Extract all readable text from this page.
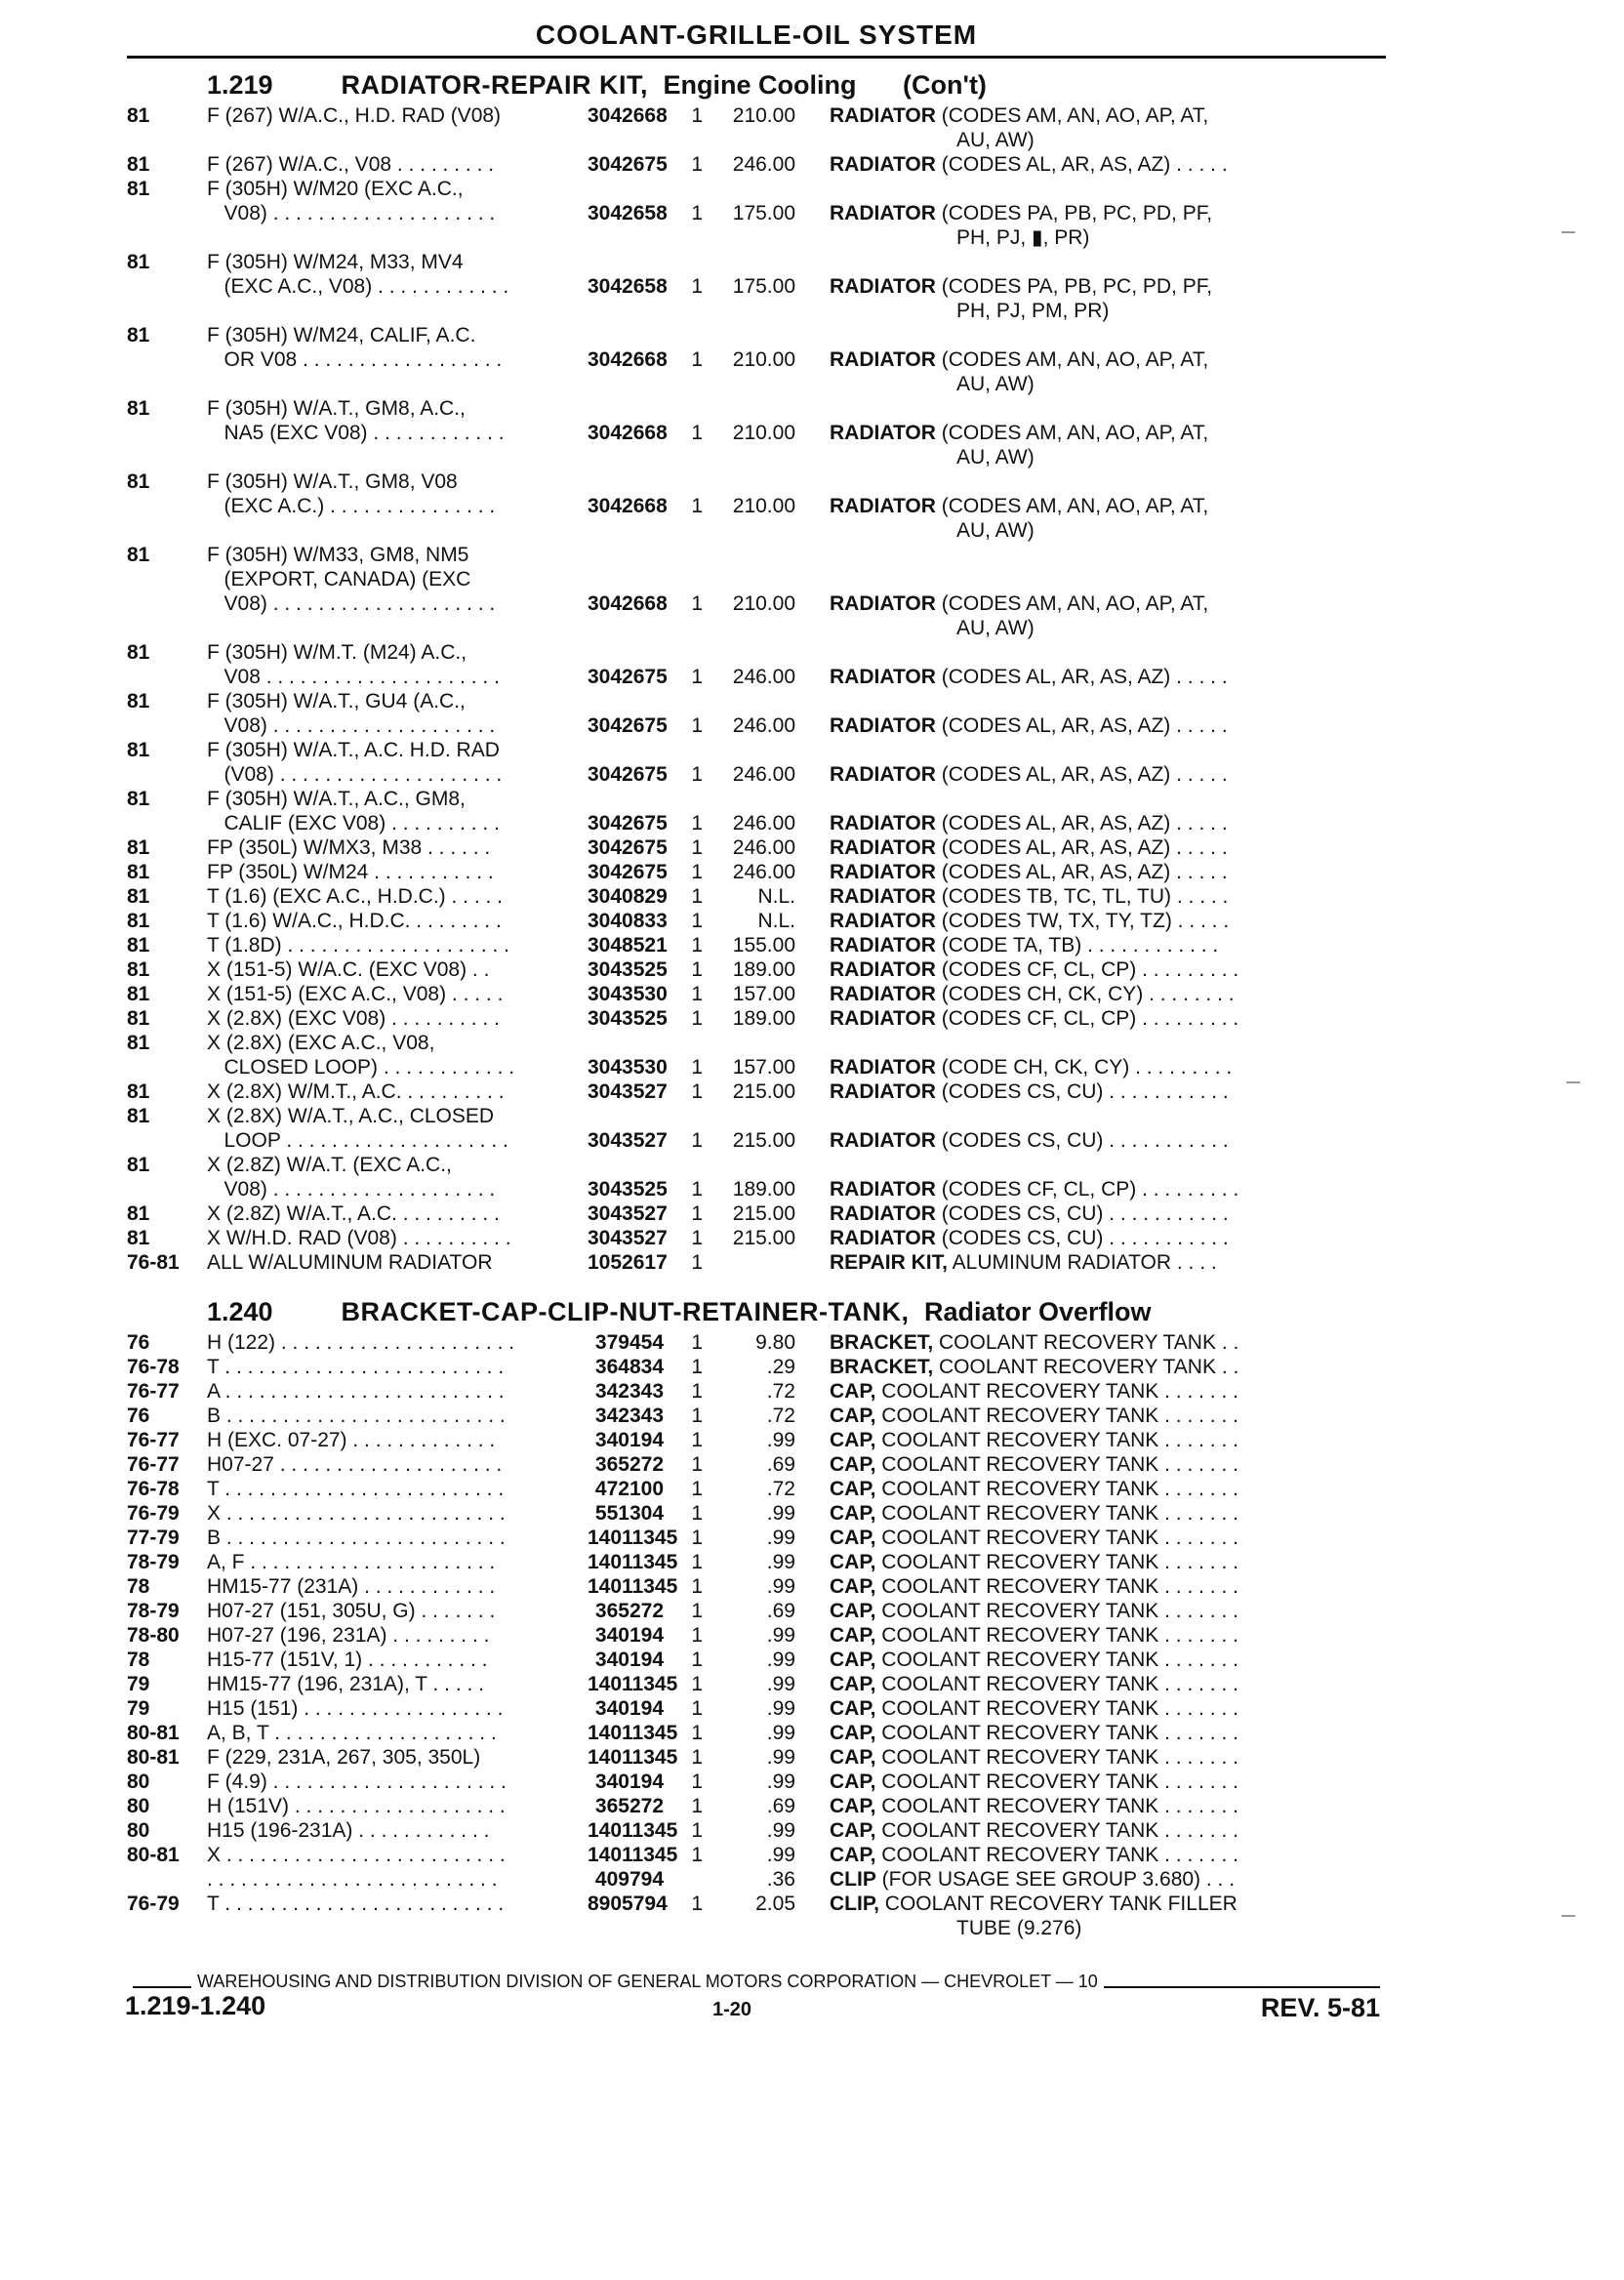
COOLANT-GRILLE-OIL SYSTEM
1.219	RADIATOR-REPAIR KIT, Engine Cooling (Con't)
81	F (267) W/A.C., H.D. RAD (V08)	3042668	1	210.00 RADIATOR (CODES AM, AN, AO, AP, AT,
AU, AW)
81	F (267) W/A.C., V08 . . . . . . . . .	3042675	1	246.00 RADIATOR (CODES AL, AR, AS, AZ) . . . . .
81	F (305H) W/M20 (EXC A.C.,
V08) . . . . . . . . . . . . . . . . . . . .	3042658	1	175.00 RADIATOR (CODES PA, PB, PC, PD, PF,
PH, PJ, ▮, PR)
81	F (305H) W/M24, M33, MV4
(EXC A.C., V08) . . . . . . . . . . . .	3042658	1	175.00 RADIATOR (CODES PA, PB, PC, PD, PF,
PH, PJ, PM, PR)
81	F (305H) W/M24, CALIF, A.C.
OR V08 . . . . . . . . . . . . . . . . . .	3042668	1	210.00 RADIATOR (CODES AM, AN, AO, AP, AT,
AU, AW)
81	F (305H) W/A.T., GM8, A.C.,
NA5 (EXC V08) . . . . . . . . . . . .	3042668	1	210.00 RADIATOR (CODES AM, AN, AO, AP, AT,
AU, AW)
81	F (305H) W/A.T., GM8, V08
(EXC A.C.) . . . . . . . . . . . . . . .	3042668	1	210.00 RADIATOR (CODES AM, AN, AO, AP, AT,
AU, AW)
81	F (305H) W/M33, GM8, NM5
(EXPORT, CANADA) (EXC
V08) . . . . . . . . . . . . . . . . . . . .	3042668	1	210.00 RADIATOR (CODES AM, AN, AO, AP, AT,
AU, AW)
81	F (305H) W/M.T. (M24) A.C.,
V08 . . . . . . . . . . . . . . . . . . . . .	3042675	1	246.00 RADIATOR (CODES AL, AR, AS, AZ) . . . . .
81	F (305H) W/A.T., GU4 (A.C.,
V08) . . . . . . . . . . . . . . . . . . . .	3042675	1	246.00 RADIATOR (CODES AL, AR, AS, AZ) . . . . .
81	F (305H) W/A.T., A.C. H.D. RAD
(V08) . . . . . . . . . . . . . . . . . . . .	3042675	1	246.00 RADIATOR (CODES AL, AR, AS, AZ) . . . . .
81	F (305H) W/A.T., A.C., GM8,
CALIF (EXC V08) . . . . . . . . . .	3042675	1	246.00 RADIATOR (CODES AL, AR, AS, AZ) . . . . .
81	FP (350L) W/MX3, M38 . . . . . .	3042675	1	246.00 RADIATOR (CODES AL, AR, AS, AZ) . . . . .
81	FP (350L) W/M24 . . . . . . . . . . .	3042675	1	246.00 RADIATOR (CODES AL, AR, AS, AZ) . . . . .
81	T (1.6) (EXC A.C., H.D.C.) . . . . .	3040829	1	N.L. RADIATOR (CODES TB, TC, TL, TU) . . . . .
81	T (1.6) W/A.C., H.D.C. . . . . . . . .	3040833	1	N.L. RADIATOR (CODES TW, TX, TY, TZ) . . . . .
81	T (1.8D) . . . . . . . . . . . . . . . . . . . .	3048521	1	155.00 RADIATOR (CODE TA, TB) . . . . . . . . . . . .
81	X (151-5) W/A.C. (EXC V08) . .	3043525	1	189.00 RADIATOR (CODES CF, CL, CP) . . . . . . . . .
81	X (151-5) (EXC A.C., V08) . . . . .	3043530	1	157.00 RADIATOR (CODES CH, CK, CY) . . . . . . . .
81	X (2.8X) (EXC V08) . . . . . . . . . .	3043525	1	189.00 RADIATOR (CODES CF, CL, CP) . . . . . . . . .
81	X (2.8X) (EXC A.C., V08,
CLOSED LOOP) . . . . . . . . . . . .	3043530	1	157.00 RADIATOR (CODE CH, CK, CY) . . . . . . . . .
81	X (2.8X) W/M.T., A.C. . . . . . . . . .	3043527	1	215.00 RADIATOR (CODES CS, CU) . . . . . . . . . . .
81	X (2.8X) W/A.T., A.C., CLOSED
LOOP . . . . . . . . . . . . . . . . . . . .	3043527	1	215.00 RADIATOR (CODES CS, CU) . . . . . . . . . . .
81	X (2.8Z) W/A.T. (EXC A.C.,
V08) . . . . . . . . . . . . . . . . . . . .	3043525	1	189.00 RADIATOR (CODES CF, CL, CP) . . . . . . . . .
81	X (2.8Z) W/A.T., A.C. . . . . . . . . .	3043527	1	215.00 RADIATOR (CODES CS, CU) . . . . . . . . . . .
81	X W/H.D. RAD (V08) . . . . . . . . . .	3043527	1	215.00 RADIATOR (CODES CS, CU) . . . . . . . . . . .
76-81	ALL W/ALUMINUM RADIATOR	1052617	1	REPAIR KIT, ALUMINUM RADIATOR . . . .
1.240	BRACKET-CAP-CLIP-NUT-RETAINER-TANK, Radiator Overflow
76	H (122) . . . . . . . . . . . . . . . . . . . . .	379454	1	9.80 BRACKET, COOLANT RECOVERY TANK . .
76-78	T . . . . . . . . . . . . . . . . . . . . . . . . .	364834	1	.29 BRACKET, COOLANT RECOVERY TANK . .
76-77	A . . . . . . . . . . . . . . . . . . . . . . . . .	342343	1	.72 CAP, COOLANT RECOVERY TANK . . . . . . .
76	B . . . . . . . . . . . . . . . . . . . . . . . . .	342343	1	.72 CAP, COOLANT RECOVERY TANK . . . . . . .
76-77	H (EXC. 07-27) . . . . . . . . . . . . .	340194	1	.99 CAP, COOLANT RECOVERY TANK . . . . . . .
76-77	H07-27 . . . . . . . . . . . . . . . . . . . .	365272	1	.69 CAP, COOLANT RECOVERY TANK . . . . . . .
76-78	T . . . . . . . . . . . . . . . . . . . . . . . . .	472100	1	.72 CAP, COOLANT RECOVERY TANK . . . . . . .
76-79	X . . . . . . . . . . . . . . . . . . . . . . . . .	551304	1	.99 CAP, COOLANT RECOVERY TANK . . . . . . .
77-79	B . . . . . . . . . . . . . . . . . . . . . . . . .	14011345 1	.99 CAP, COOLANT RECOVERY TANK . . . . . . .
78-79	A, F . . . . . . . . . . . . . . . . . . . . . .	14011345 1	.99 CAP, COOLANT RECOVERY TANK . . . . . . .
78	HM15-77 (231A) . . . . . . . . . . . .	14011345 1	.99 CAP, COOLANT RECOVERY TANK . . . . . . .
78-79	H07-27 (151, 305U, G) . . . . . . .	365272	1	.69 CAP, COOLANT RECOVERY TANK . . . . . . .
78-80	H07-27 (196, 231A) . . . . . . . . .	340194	1	.99 CAP, COOLANT RECOVERY TANK . . . . . . .
78	H15-77 (151V, 1) . . . . . . . . . . .	340194	1	.99 CAP, COOLANT RECOVERY TANK . . . . . . .
79	HM15-77 (196, 231A), T . . . . .	14011345 1	.99 CAP, COOLANT RECOVERY TANK . . . . . . .
79	H15 (151) . . . . . . . . . . . . . . . . . .	340194	1	.99 CAP, COOLANT RECOVERY TANK . . . . . . .
80-81	A, B, T . . . . . . . . . . . . . . . . . . . .	14011345 1	.99 CAP, COOLANT RECOVERY TANK . . . . . . .
80-81	F (229, 231A, 267, 305, 350L)	14011345 1	.99 CAP, COOLANT RECOVERY TANK . . . . . . .
80	F (4.9) . . . . . . . . . . . . . . . . . . . . .	340194	1	.99 CAP, COOLANT RECOVERY TANK . . . . . . .
80	H (151V) . . . . . . . . . . . . . . . . . . .	365272	1	.69 CAP, COOLANT RECOVERY TANK . . . . . . .
80	H15 (196-231A) . . . . . . . . . . . .	14011345 1	.99 CAP, COOLANT RECOVERY TANK . . . . . . .
80-81	X . . . . . . . . . . . . . . . . . . . . . . . . .	14011345 1	.99 CAP, COOLANT RECOVERY TANK . . . . . . .
. . . . . . . . . . . . . . . . . . . . . . . . . .	409794	.36 CLIP (FOR USAGE SEE GROUP 3.680) . . .
76-79	T . . . . . . . . . . . . . . . . . . . . . . . . .	8905794	1	2.05 CLIP, COOLANT RECOVERY TANK FILLER
TUBE (9.276)
WAREHOUSING AND DISTRIBUTION DIVISION OF GENERAL MOTORS CORPORATION — CHEVROLET — 10
1.219-1.240	1-20	REV. 5-81
